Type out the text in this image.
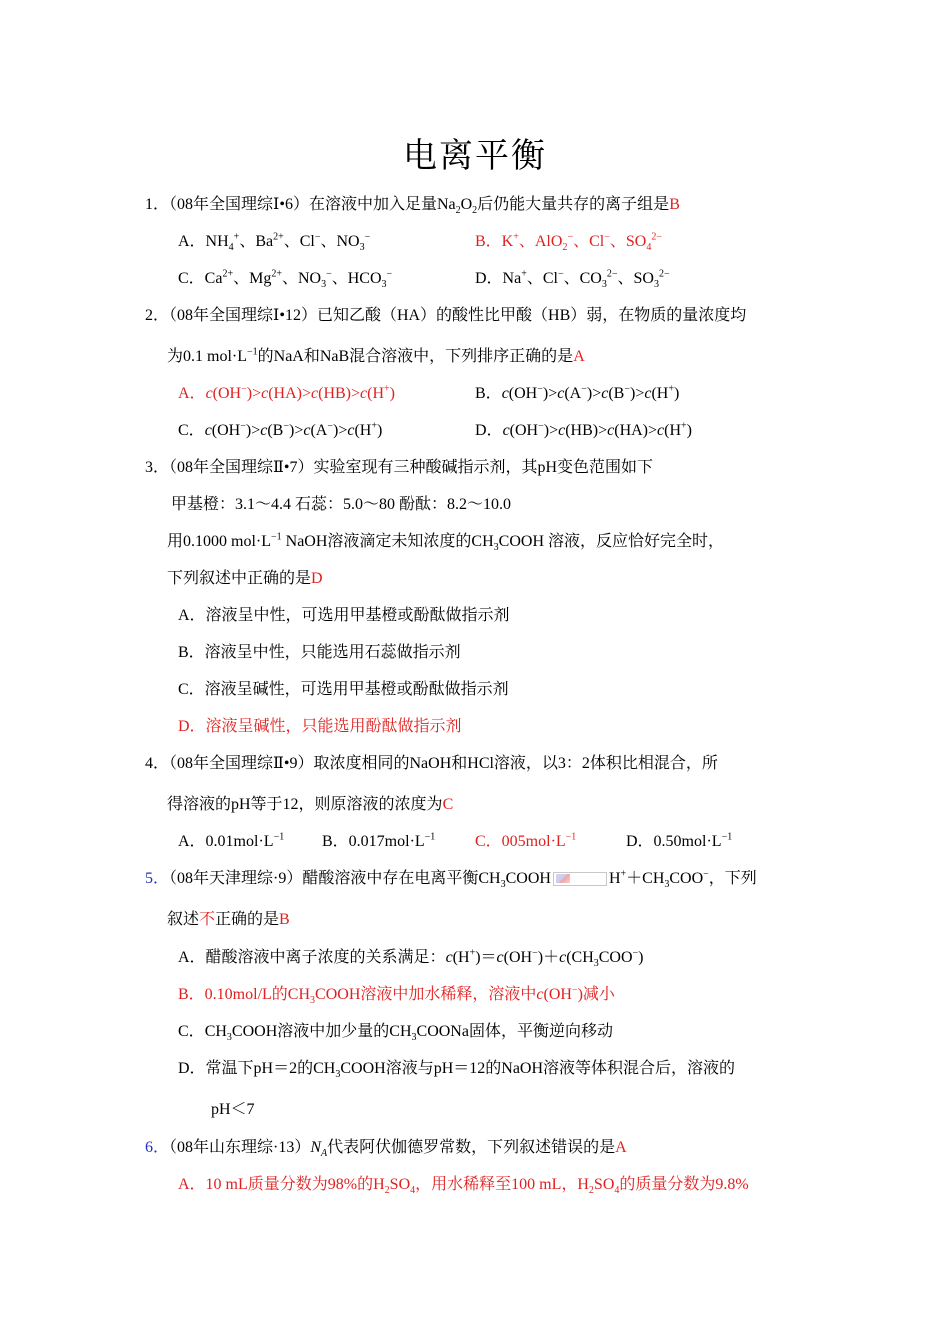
电离平衡
1．（08年全国理综Ⅰ•6）在溶液中加入足量$Na_2O_2$后仍能大量共存的离子组是B
A．$NH_4^+$、$Ba^{2+}$、Cl−、$NO_3^-$	B．K+、AlO$_2$−、Cl−、$SO_4^{2-}$
C．$Ca^{2+}$、$Mg^{2+}$、$NO_3^-$、$HCO_3^-$	D．Na+、Cl−、$CO_3^{2-}$、$SO_3^{2-}$
2．（08年全国理综Ⅰ•12）已知乙酸（HA）的酸性比甲酸（HB）弱，在物质的量浓度均
为0.1 $mol\cdot L^{-1}$的NaA和NaB混合溶液中，下列排序正确的是A
A．c(OH−)>c(HA)>c(HB)>c(H+)	B．c(OH−)>c(A−)>c(B−)>c(H+)
C．c(OH−)>c(B−)>c(A−)>c(H+)	D．c(OH−)>c(HB)>c(HA)>c(H+)
3．（08年全国理综Ⅱ•7）实验室现有三种酸碱指示剂，其pH变色范围如下
甲基橙：3.1～4.4 石蕊：5.0～80 酚酞：8.2～10.0
用0.1000 $mol\cdot L^{-1}$ NaOH溶液滴定未知浓度的$CH_3COOH$ 溶液，反应恰好完全时，
下列叙述中正确的是D
A．溶液呈中性，可选用甲基橙或酚酞做指示剂
B．溶液呈中性，只能选用石蕊做指示剂
C．溶液呈碱性，可选用甲基橙或酚酞做指示剂
D．溶液呈碱性，只能选用酚酞做指示剂
4．（08年全国理综Ⅱ•9）取浓度相同的NaOH和HCl溶液，以3：2体积比相混合，所
得溶液的pH等于12，则原溶液的浓度为C
A．$0.01mol\cdot L^{-1}$ B．$0.017mol\cdot L^{-1}$ C．$005mol\cdot L^{-1}$	D．$0.50mol\cdot L^{-1}$
5．（08年天津理综·9）醋酸溶液中存在电离平衡$CH_3COOH$	$H^++CH_3COO^-$，下列
叙述不正确的是B
A．醋酸溶液中离子浓度的关系满足：$c(H^+)=c(OH^-)+c(CH_3COO^-)$
B．0.10mol/L的$CH_3COOH$溶液中加水稀释，溶液中c(OH−)减小
C．$CH_3COOH$溶液中加少量的$CH_3COONa$固体，平衡逆向移动
D．常温下pH＝2的$CH_3COOH$溶液与pH＝12的NaOH溶液等体积混合后，溶液的
pH＜7
6．（08年山东理综$\cdot 13)N_A$代表阿伏伽德罗常数，下列叙述错误的是A
A．10 mL质量分数为98%的$H_2SO_4$，用水稀释至100 mL，$H_2SO_4$的质量分数为9.8%
